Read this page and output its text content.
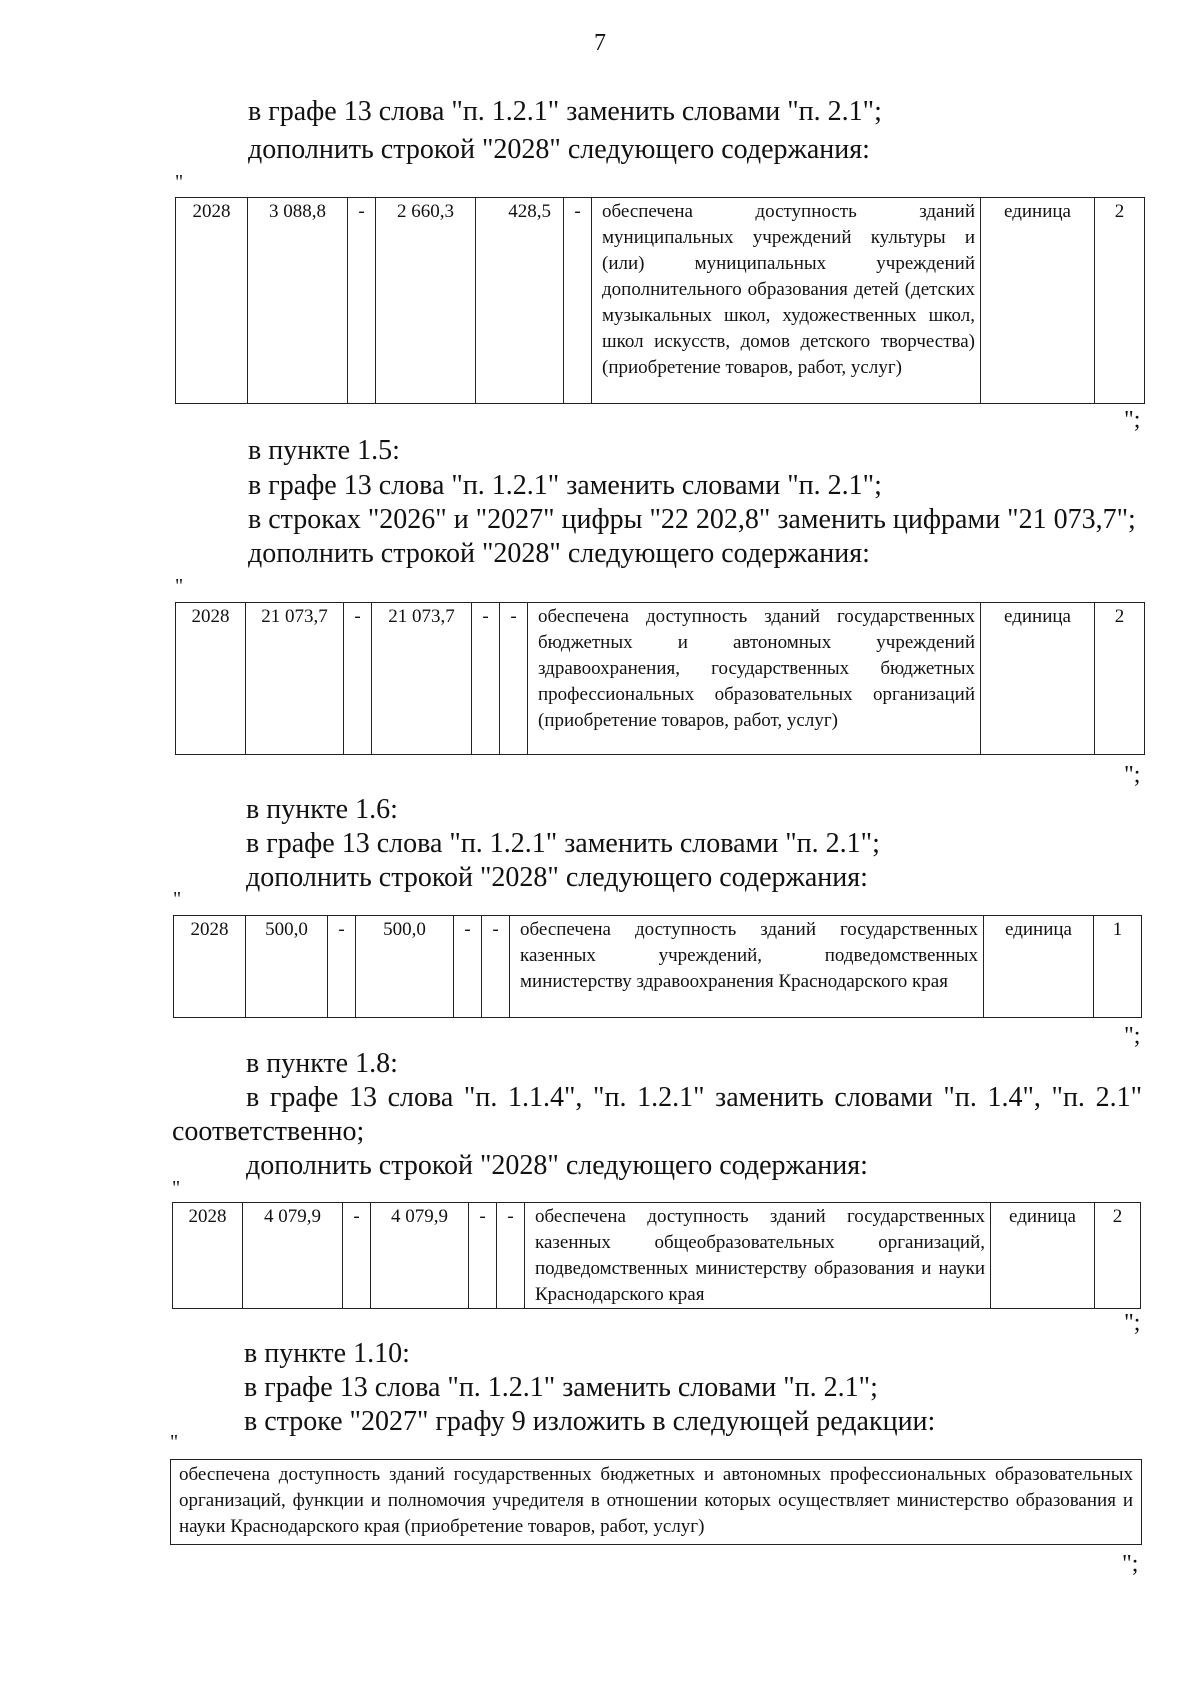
7
в графе 13 слова "п. 1.2.1" заменить словами "п. 2.1";
дополнить строкой "2028" следующего содержания:
"
2028	3 088,8	-	2 660,3	428,5	-	обеспечена доступность зданий муниципальных учреждений культуры и (или) муниципальных учреждений дополнительного образования детей (детских музыкальных школ, художественных школ, школ искусств, домов детского творчества) (приобретение товаров, работ, услуг)	единица	2
";
в пункте 1.5:
в графе 13 слова "п. 1.2.1" заменить словами "п. 2.1";
в строках "2026" и "2027" цифры "22 202,8" заменить цифрами "21 073,7";
дополнить строкой "2028" следующего содержания:
"
2028	21 073,7	-	21 073,7	-	-	обеспечена доступность зданий государственных бюджетных и автономных учреждений здравоохранения, государственных бюджетных профессиональных образовательных организаций (приобретение товаров, работ, услуг)	единица	2
";
в пункте 1.6:
в графе 13 слова "п. 1.2.1" заменить словами "п. 2.1";
дополнить строкой "2028" следующего содержания:
"
2028	500,0	-	500,0	-	-	обеспечена доступность зданий государственных казенных учреждений, подведомственных министерству здравоохранения Краснодарского края	единица	1
";
в пункте 1.8:
в графе 13 слова "п. 1.1.4", "п. 1.2.1" заменить словами "п. 1.4", "п. 2.1"
соответственно;
дополнить строкой "2028" следующего содержания:
"
2028	4 079,9	-	4 079,9	-	-	обеспечена доступность зданий государственных казенных общеобразовательных организаций, подведомственных министерству образования и науки Краснодарского края	единица	2
";
в пункте 1.10:
в графе 13 слова "п. 1.2.1" заменить словами "п. 2.1";
в строке "2027" графу 9 изложить в следующей редакции:
"
обеспечена доступность зданий государственных бюджетных и автономных профессиональных образовательных организаций, функции и полномочия учредителя в отношении которых осуществляет министерство образования и науки Краснодарского края (приобретение товаров, работ, услуг)
";
